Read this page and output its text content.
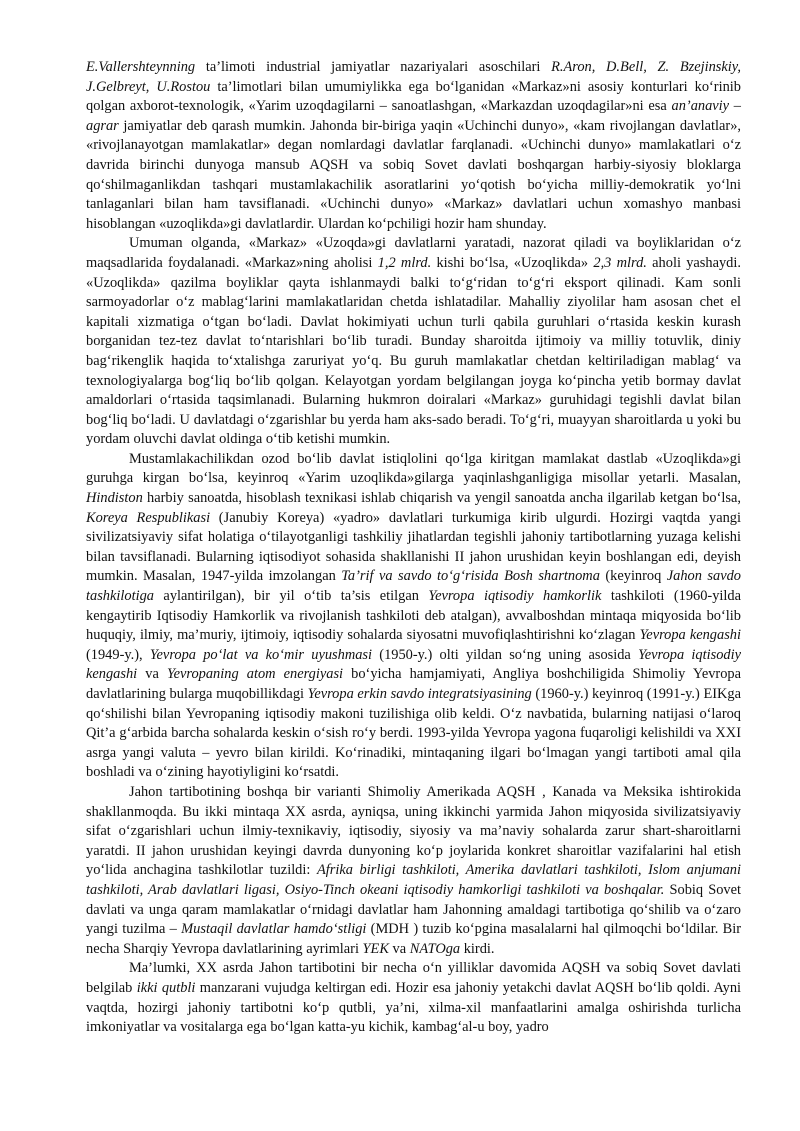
E.Vallershteynning ta’limoti industrial jamiyatlar nazariyalari asoschilari R.Aron, D.Bell, Z. Bzejinskiy, J.Gelbreyt, U.Rostou ta’limotlari bilan umumiylikka ega bo‘lganidan «Markaz»ni asosiy konturlari ko‘rinib qolgan axborot-texnologik, «Yarim uzoqdagilarni – sanoatlashgan, «Markazdan uzoqdagilar»ni esa an’anaviy –agrar jamiyatlar deb qarash mumkin. Jahonda bir-biriga yaqin «Uchinchi dunyo», «kam rivojlangan davlatlar», «rivojlanayotgan mamlakatlar» degan nomlardagi davlatlar farqlanadi. «Uchinchi dunyo» mamlakatlari o‘z davrida birinchi dunyoga mansub AQSH va sobiq Sovet davlati boshqargan harbiy-siyosiy bloklarga qo‘shilmaganlikdan tashqari mustamlakachilik asoratlarini yo‘qotish bo‘yicha milliy-demokratik yo‘lni tanlaganlari bilan ham tavsiflanadi. «Uchinchi dunyo» «Markaz» davlatlari uchun xomashyo manbasi hisoblangan «uzoqlikda»gi davlatlardir. Ulardan ko‘pchiligi hozir ham shunday.

Umuman olganda, «Markaz» «Uzoqda»gi davlatlarni yaratadi, nazorat qiladi va boyliklaridan o‘z maqsadlarida foydalanadi. «Markaz»ning aholisi 1,2 mlrd. kishi bo‘lsa, «Uzoqlikda» 2,3 mlrd. aholi yashaydi. «Uzoqlikda» qazilma boyliklar qayta ishlanmaydi balki to‘g‘ridan to‘g‘ri eksport qilinadi. Kam sonli sarmoyadorlar o‘z mablag‘larini mamlakatlaridan chetda ishlatadilar. Mahalliy ziyolilar ham asosan chet el kapitali xizmatiga o‘tgan bo‘ladi. Davlat hokimiyati uchun turli qabila guruhlari o‘rtasida keskin kurash borganidan tez-tez davlat to‘ntarishlari bo‘lib turadi. Bunday sharoitda ijtimoiy va milliy totuvlik, diniy bag‘rikenglik haqida to‘xtalishga zaruriyat yo‘q. Bu guruh mamlakatlar chetdan keltiriladigan mablag‘ va texnologiyalarga bog‘liq bo‘lib qolgan. Kelayotgan yordam belgilangan joyga ko‘pincha yetib bormay davlat amaldorlari o‘rtasida taqsimlanadi. Bularning hukmron doiralari «Markaz» guruhidagi tegishli davlat bilan bog‘liq bo‘ladi. U davlatdagi o‘zgarishlar bu yerda ham aks-sado beradi. To‘g‘ri, muayyan sharoitlarda u yoki bu yordam oluvchi davlat oldinga o‘tib ketishi mumkin.

Mustamlakachilikdan ozod bo‘lib davlat istiqlolini qo‘lga kiritgan mamlakat dastlab «Uzoqlikda»gi guruhga kirgan bo‘lsa, keyinroq «Yarim uzoqlikda»gilarga yaqinlashganligiga misollar yetarli. Masalan, Hindiston harbiy sanoatda, hisoblash texnikasi ishlab chiqarish va yengil sanoatda ancha ilgarilab ketgan bo‘lsa, Koreya Respublikasi (Janubiy Koreya) «yadro» davlatlari turkumiga kirib ulgurdi. Hozirgi vaqtda yangi sivilizatsiyaviy sifat holatiga o‘tilayotganligi tashkiliy jihatlardan tegishli jahoniy tartibotlarning yuzaga kelishi bilan tavsiflanadi. Bularning iqtisodiyot sohasida shakllanishi II jahon urushidan keyin boshlangan edi, deyish mumkin. Masalan, 1947-yilda imzolangan Ta’rif va savdo to‘g‘risida Bosh shartnoma (keyinroq Jahon savdo tashkilotiga aylantirilgan), bir yil o‘tib ta’sis etilgan Yevropa iqtisodiy hamkorlik tashkiloti (1960-yilda kengaytirib Iqtisodiy Hamkorlik va rivojlanish tashkiloti deb atalgan), avvalboshdan mintaqa miqyosida bo‘lib huquqiy, ilmiy, ma’muriy, ijtimoiy, iqtisodiy sohalarda siyosatni muvofiqlashtirishni ko‘zlagan Yevropa kengashi (1949-y.), Yevropa po‘lat va ko‘mir uyushmasi (1950-y.) olti yildan so‘ng uning asosida Yevropa iqtisodiy kengashi va Yevropaning atom energiyasi bo‘yicha hamjamiyati, Angliya boshchiligida Shimoliy Yevropa davlatlarining bularga muqobillikdagi Yevropa erkin savdo integratsiyasining (1960-y.) keyinroq (1991-y.) EIKga qo‘shilishi bilan Yevropaning iqtisodiy makoni tuzilishiga olib keldi. O‘z navbatida, bularning natijasi o‘laroq Qit’a g‘arbida barcha sohalarda keskin o‘sish ro‘y berdi. 1993-yilda Yevropa yagona fuqaroligi kelishildi va XXI asrga yangi valuta – yevro bilan kirildi. Ko‘rinadiki, mintaqaning ilgari bo‘lmagan yangi tartiboti amal qila boshladi va o‘zining hayotiyligini ko‘rsatdi.

Jahon tartibotining boshqa bir varianti Shimoliy Amerikada AQSH , Kanada va Meksika ishtirokida shakllanmoqda. Bu ikki mintaqa XX asrda, ayniqsa, uning ikkinchi yarmida Jahon miqyosida sivilizatsiyaviy sifat o‘zgarishlari uchun ilmiy-texnikaviy, iqtisodiy, siyosiy va ma’naviy sohalarda zarur shart-sharoitlarni yaratdi. II jahon urushidan keyingi davrda dunyoning ko‘p joylarida konkret sharoitlar vazifalarini hal etish yo‘lida anchagina tashkilotlar tuzildi: Afrika birligi tashkiloti, Amerika davlatlari tashkiloti, Islom anjumani tashkiloti, Arab davlatlari ligasi, Osiyo-Tinch okeani iqtisodiy hamkorligi tashkiloti va boshqalar. Sobiq Sovet davlati va unga qaram mamlakatlar o‘rnidagi davlatlar ham Jahonning amaldagi tartibotiga qo‘shilib va o‘zaro yangi tuzilma – Mustaqil davlatlar hamdo‘stligi (MDH ) tuzib ko‘pgina masalalarni hal qilmoqchi bo‘ldilar. Bir necha Sharqiy Yevropa davlatlarining ayrimlari YEK va NATOga kirdi.

Ma’lumki, XX asrda Jahon tartibotini bir necha o‘n yilliklar davomida AQSH va sobiq Sovet davlati belgilab ikki qutbli manzarani vujudga keltirgan edi. Hozir esa jahoniy yetakchi davlat AQSH bo‘lib qoldi. Ayni vaqtda, hozirgi jahoniy tartibotni ko‘p qutbli, ya’ni, xilma-xil manfaatlarini amalga oshirishda turlicha imkoniyatlar va vositalarga ega bo‘lgan katta-yu kichik, kambag‘al-u boy, yadro
